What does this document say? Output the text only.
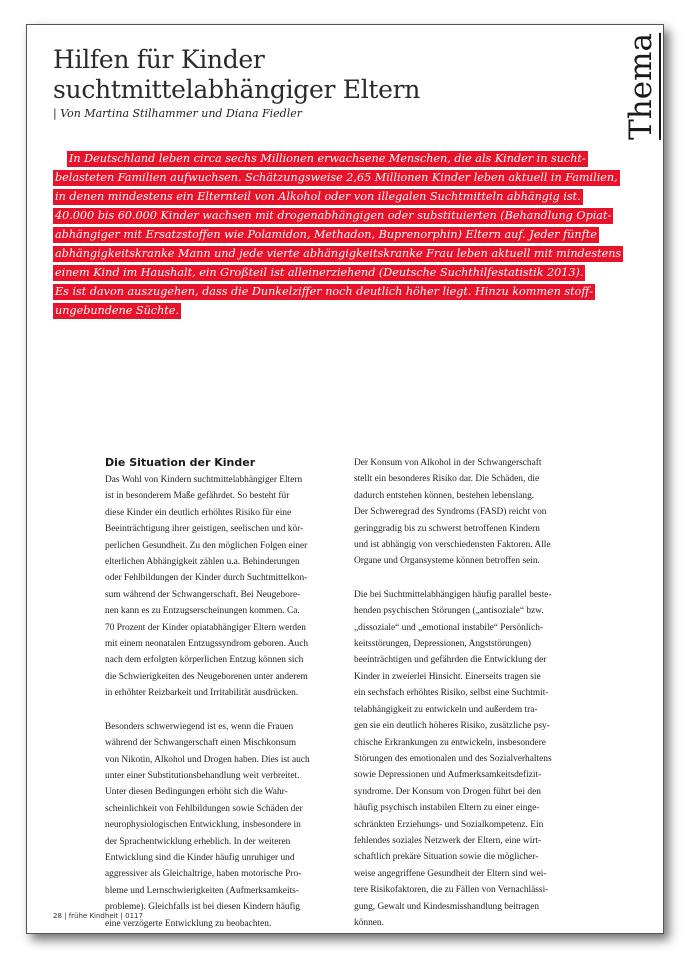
Hilfen für Kinder
suchtmittelabhängiger Eltern
| Von Martina Stilhammer und Diana Fiedler	Thema
In Deutschland leben circa sechs Millionen erwachsene Menschen, die als Kinder in sucht-
belasteten Familien aufwuchsen. Schätzungsweise 2,65 Millionen Kinder leben aktuell in Familien,
in denen mindestens ein Elternteil von Alkohol oder von illegalen Suchtmitteln abhängig ist.
40.000 bis 60.000 Kinder wachsen mit drogenabhängigen oder substituierten (Behandlung Opiat-
abhängiger mit Ersatzstoffen wie Polamidon, Methadon, Buprenorphin) Eltern auf. Jeder fünfte
abhängigkeitskranke Mann und jede vierte abhängigkeitskranke Frau leben aktuell mit mindestens
einem Kind im Haushalt, ein Großteil ist alleinerziehend (Deutsche Suchthilfestatistik 2013).
Es ist davon auszugehen, dass die Dunkelziffer noch deutlich höher liegt. Hinzu kommen stoff-
ungebundene Süchte.
Die Situation der Kinder
Das Wohl von Kindern suchtmittelabhängiger Eltern
ist in besonderem Maße gefährdet. So besteht für
diese Kinder ein deutlich erhöhtes Risiko für eine
Beeinträchtigung ihrer geistigen, seelischen und kör-
perlichen Gesundheit. Zu den möglichen Folgen einer
elterlichen Abhängigkeit zählen u.a. Behinderungen
oder Fehlbildungen der Kinder durch Suchtmittelkon-
sum während der Schwangerschaft. Bei Neugebore-
nen kann es zu Entzugserscheinungen kommen. Ca.
70 Prozent der Kinder opiatabhängiger Eltern werden
mit einem neonatalen Entzugssyndrom geboren. Auch
nach dem erfolgten körperlichen Entzug können sich
die Schwierigkeiten des Neugeborenen unter anderem
in erhöhter Reizbarkeit und Irritabilität ausdrücken.
Besonders schwerwiegend ist es, wenn die Frauen
während der Schwangerschaft einen Mischkonsum
von Nikotin, Alkohol und Drogen haben. Dies ist auch
unter einer Substitutionsbehandlung weit verbreitet.
Unter diesen Bedingungen erhöht sich die Wahr-
scheinlichkeit von Fehlbildungen sowie Schäden der
neurophysiologischen Entwicklung, insbesondere in
der Sprachentwicklung erheblich. In der weiteren
Entwicklung sind die Kinder häufig unruhiger und
aggressiver als Gleichaltrige, haben motorische Pro-
bleme und Lernschwierigkeiten (Aufmerksamkeits-
probleme). Gleichfalls ist bei diesen Kindern häufig
eine verzögerte Entwicklung zu beobachten.
Der Konsum von Alkohol in der Schwangerschaft
stellt ein besonderes Risiko dar. Die Schäden, die
dadurch entstehen können, bestehen lebenslang.
Der Schweregrad des Syndroms (FASD) reicht von
geringgradig bis zu schwerst betroffenen Kindern
und ist abhängig von verschiedensten Faktoren. Alle
Organe und Organsysteme können betroffen sein.
Die bei Suchtmittelabhängigen häufig parallel beste-
henden psychischen Störungen („antisoziale“ bzw.
„dissoziale“ und „emotional instabile“ Persönlich-
keitsstörungen, Depressionen, Angststörungen)
beeinträchtigen und gefährden die Entwicklung der
Kinder in zweierlei Hinsicht. Einerseits tragen sie
ein sechsfach erhöhtes Risiko, selbst eine Suchtmit-
telabhängigkeit zu entwickeln und außerdem tra-
gen sie ein deutlich höheres Risiko, zusätzliche psy-
chische Erkrankungen zu entwickeln, insbesondere
Störungen des emotionalen und des Sozialverhaltens
sowie Depressionen und Aufmerksamkeitsdefizit-
syndrome. Der Konsum von Drogen führt bei den
häufig psychisch instabilen Eltern zu einer einge-
schränkten Erziehungs- und Sozialkompetenz. Ein
fehlendes soziales Netzwerk der Eltern, eine wirt-
schaftlich prekäre Situation sowie die möglicher-
weise angegriffene Gesundheit der Eltern sind wei-
tere Risikofaktoren, die zu Fällen von Vernachlässi-
gung, Gewalt und Kindesmisshandlung beitragen
können.
28 | frühe Kindheit | 0117
